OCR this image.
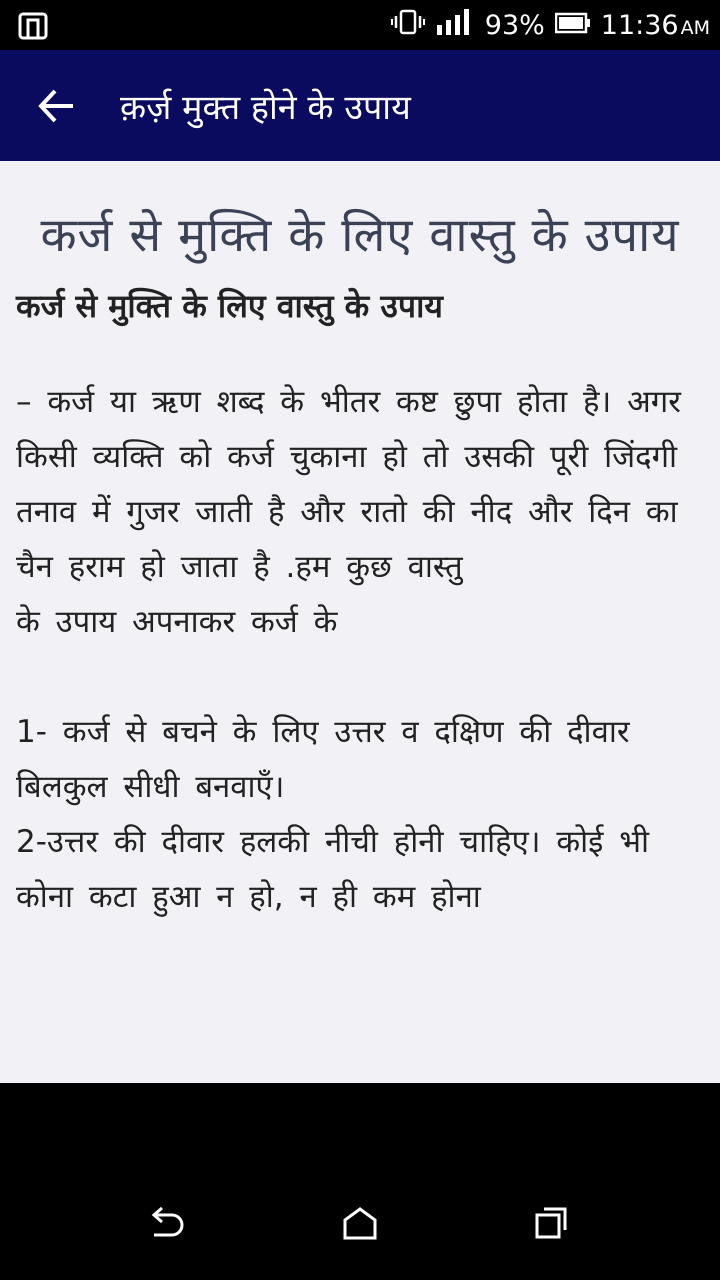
93% 11:36 AM
क़र्ज़ मुक्त होने के उपाय
कर्ज से मुक्ति के लिए वास्तु के उपाय
कर्ज से मुक्ति के लिए वास्तु के उपाय

– कर्ज या ऋण शब्द के भीतर कष्ट छुपा होता है। अगर किसी व्यक्ति को कर्ज चुकाना हो तो उसकी पूरी जिंदगी तनाव में गुजर जाती है और रातो की नीद और दिन का चैन हराम हो जाता है .हम कुछ वास्तु

के उपाय अपनाकर कर्ज के

1- कर्ज से बचने के लिए उत्तर व दक्षिण की दीवार बिलकुल सीधी बनवाएँ।

2-उत्तर की दीवार हलकी नीची होनी चाहिए। कोई भी कोना कटा हुआ न हो, न ही कम होना
